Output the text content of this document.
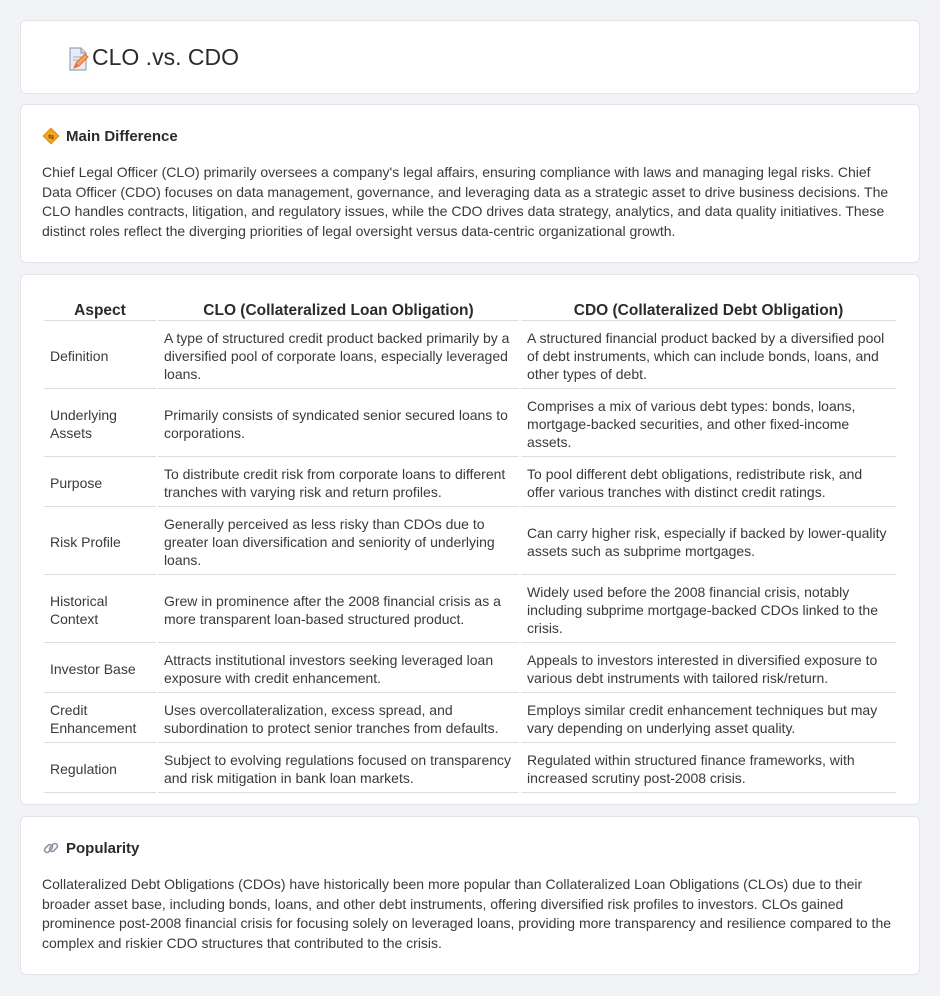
CLO .vs. CDO
⇆ Main Difference

Chief Legal Officer (CLO) primarily oversees a company's legal affairs, ensuring compliance with laws and managing legal risks. Chief Data Officer (CDO) focuses on data management, governance, and leveraging data as a strategic asset to drive business decisions. The CLO handles contracts, litigation, and regulatory issues, while the CDO drives data strategy, analytics, and data quality initiatives. These distinct roles reflect the diverging priorities of legal oversight versus data-centric organizational growth.

Aspect	CLO (Collateralized Loan Obligation)	CDO (Collateralized Debt Obligation)
Definition	A type of structured credit product backed primarily by a diversified pool of corporate loans, especially leveraged loans.	A structured financial product backed by a diversified pool of debt instruments, which can include bonds, loans, and other types of debt.
Underlying Assets	Primarily consists of syndicated senior secured loans to corporations.	Comprises a mix of various debt types: bonds, loans, mortgage-backed securities, and other fixed-income assets.
Purpose	To distribute credit risk from corporate loans to different tranches with varying risk and return profiles.	To pool different debt obligations, redistribute risk, and offer various tranches with distinct credit ratings.
Risk Profile	Generally perceived as less risky than CDOs due to greater loan diversification and seniority of underlying loans.	Can carry higher risk, especially if backed by lower-quality assets such as subprime mortgages.
Historical Context	Grew in prominence after the 2008 financial crisis as a more transparent loan-based structured product.	Widely used before the 2008 financial crisis, notably including subprime mortgage-backed CDOs linked to the crisis.
Investor Base	Attracts institutional investors seeking leveraged loan exposure with credit enhancement.	Appeals to investors interested in diversified exposure to various debt instruments with tailored risk/return.
Credit Enhancement	Uses overcollateralization, excess spread, and subordination to protect senior tranches from defaults.	Employs similar credit enhancement techniques but may vary depending on underlying asset quality.
Regulation	Subject to evolving regulations focused on transparency and risk mitigation in bank loan markets.	Regulated within structured finance frameworks, with increased scrutiny post-2008 crisis.
Popularity

Collateralized Debt Obligations (CDOs) have historically been more popular than Collateralized Loan Obligations (CLOs) due to their broader asset base, including bonds, loans, and other debt instruments, offering diversified risk profiles to investors. CLOs gained prominence post-2008 financial crisis for focusing solely on leveraged loans, providing more transparency and resilience compared to the complex and riskier CDO structures that contributed to the crisis.
